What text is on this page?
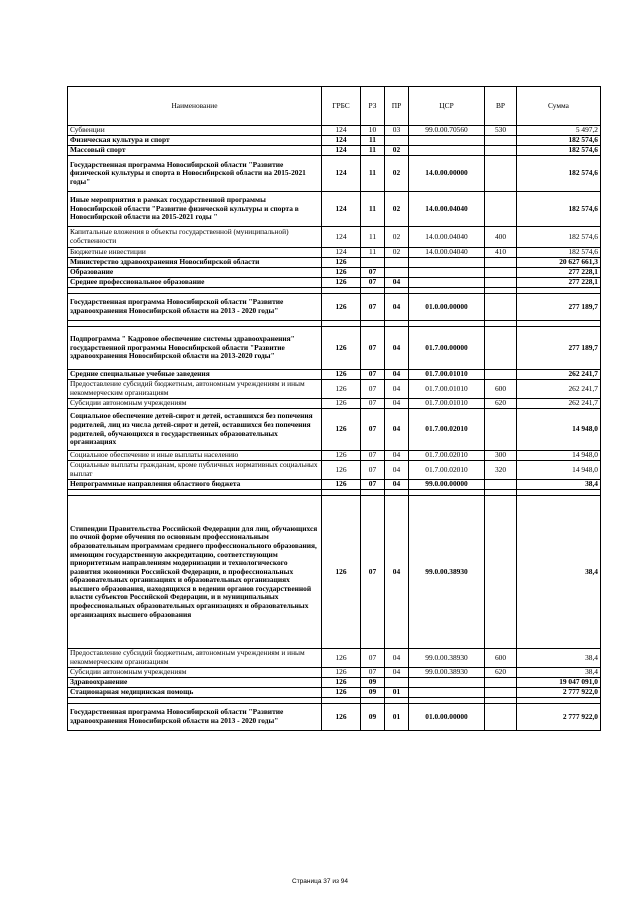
Наименование	ГРБС	РЗ	ПР	ЦСР	ВР	Сумма
Субвенции	124	10	03	99.0.00.70560	530	5 497,2
Физическая культура и спорт	124	11				182 574,6
Массовый спорт	124	11	02			182 574,6
Государственная программа Новосибирской области "Развитие физической культуры и спорта в Новосибирской области на 2015-2021 годы"	124	11	02	14.0.00.00000		182 574,6
Иные мероприятия в рамках государственной программы Новосибирской области "Развитие физической культуры и спорта в Новосибирской области на 2015-2021 годы "	124	11	02	14.0.00.04040		182 574,6
Капитальные вложения в объекты государственной (муниципальной) собственности	124	11	02	14.0.00.04040	400	182 574,6
Бюджетные инвестиции	124	11	02	14.0.00.04040	410	182 574,6
Министерство здравоохранения Новосибирской области	126					20 627 661,3
Образование	126	07				277 228,1
Среднее профессиональное образование	126	07	04			277 228,1

Государственная программа Новосибирской области "Развитие здравоохранения Новосибирской области на 2013 - 2020 годы"	126	07	04	01.0.00.00000		277 189,7

Подпрограмма " Кадровое обеспечение системы здравоохранения" государственной программы Новосибирской области "Развитие здравоохранения Новосибирской области на 2013-2020 годы"	126	07	04	01.7.00.00000		277 189,7
Средние специальные учебные заведения	126	07	04	01.7.00.01010		262 241,7
Предоставление субсидий бюджетным, автономным учреждениям и иным некоммерческим организациям	126	07	04	01.7.00.01010	600	262 241,7
Субсидии автономным учреждениям	126	07	04	01.7.00.01010	620	262 241,7
Социальное обеспечение детей-сирот и детей, оставшихся без попечения родителей, лиц из числа детей-сирот и детей, оставшихся без попечения родителей, обучающихся в государственных образовательных организациях	126	07	04	01.7.00.02010		14 948,0
Социальное обеспечение и иные выплаты населению	126	07	04	01.7.00.02010	300	14 948,0
Социальные выплаты гражданам, кроме публичных нормативных социальных выплат	126	07	04	01.7.00.02010	320	14 948,0
Непрограммные направления областного бюджета	126	07	04	99.0.00.00000		38,4

Стипендии Правительства Российской Федерации для лиц, обучающихся по очной форме обучения по основным профессиональным образовательным программам среднего профессионального образования, имеющим государственную аккредитацию, соответствующим приоритетным направлениям модернизации и технологического развития экономики Российской Федерации, в профессиональных образовательных организациях и образовательных организациях высшего образования, находящихся в ведении органов государственной власти субъектов Российской Федерации, и в муниципальных профессиональных образовательных организациях и образовательных организациях высшего образования	126	07	04	99.0.00.38930		38,4
Предоставление субсидий бюджетным, автономным учреждениям и иным некоммерческим организациям	126	07	04	99.0.00.38930	600	38,4
Субсидии автономным учреждениям	126	07	04	99.0.00.38930	620	38,4
Здравоохранение	126	09				19 047 091,0
Стационарная медицинская помощь	126	09	01			2 777 922,0

Государственная программа Новосибирской области "Развитие здравоохранения Новосибирской области на 2013 - 2020 годы"	126	09	01	01.0.00.00000		2 777 922,0
Страница 37 из 94
